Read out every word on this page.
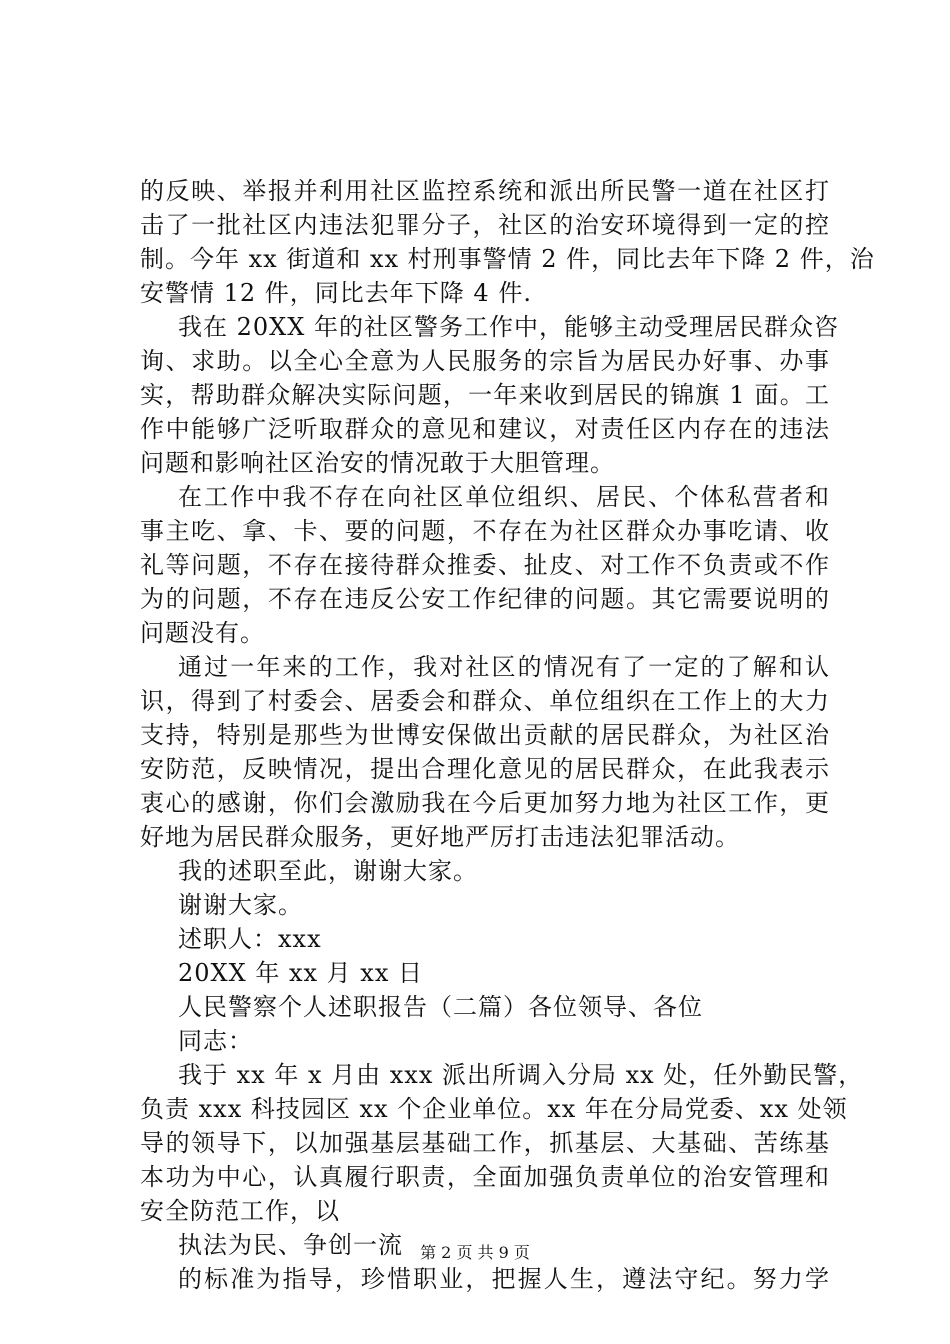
的反映、举报并利用社区监控系统和派出所民警一道在社区打
击了一批社区内违法犯罪分子，社区的治安环境得到一定的控
制。今年 xx 街道和 xx 村刑事警情 2 件，同比去年下降 2 件，治
安警情 12 件，同比去年下降 4 件.
我在 20XX 年的社区警务工作中，能够主动受理居民群众咨
询、求助。以全心全意为人民服务的宗旨为居民办好事、办事
实，帮助群众解决实际问题，一年来收到居民的锦旗 1 面。工
作中能够广泛听取群众的意见和建议，对责任区内存在的违法
问题和影响社区治安的情况敢于大胆管理。
在工作中我不存在向社区单位组织、居民、个体私营者和
事主吃、拿、卡、要的问题，不存在为社区群众办事吃请、收
礼等问题，不存在接待群众推委、扯皮、对工作不负责或不作
为的问题，不存在违反公安工作纪律的问题。其它需要说明的
问题没有。
通过一年来的工作，我对社区的情况有了一定的了解和认
识，得到了村委会、居委会和群众、单位组织在工作上的大力
支持，特别是那些为世博安保做出贡献的居民群众，为社区治
安防范，反映情况，提出合理化意见的居民群众，在此我表示
衷心的感谢，你们会激励我在今后更加努力地为社区工作，更
好地为居民群众服务，更好地严厉打击违法犯罪活动。
我的述职至此，谢谢大家。
谢谢大家。
述职人：xxx
20XX 年 xx 月 xx 日
人民警察个人述职报告（二篇）各位领导、各位
同志：
我于 xx 年 x 月由 xxx 派出所调入分局 xx 处，任外勤民警，
负责 xxx 科技园区 xx 个企业单位。xx 年在分局党委、xx 处领
导的领导下，以加强基层基础工作，抓基层、大基础、苦练基
本功为中心，认真履行职责，全面加强负责单位的治安管理和
安全防范工作，以
执法为民、争创一流
的标准为指导，珍惜职业，把握人生，遵法守纪。努力学
第 2 页 共 9 页
